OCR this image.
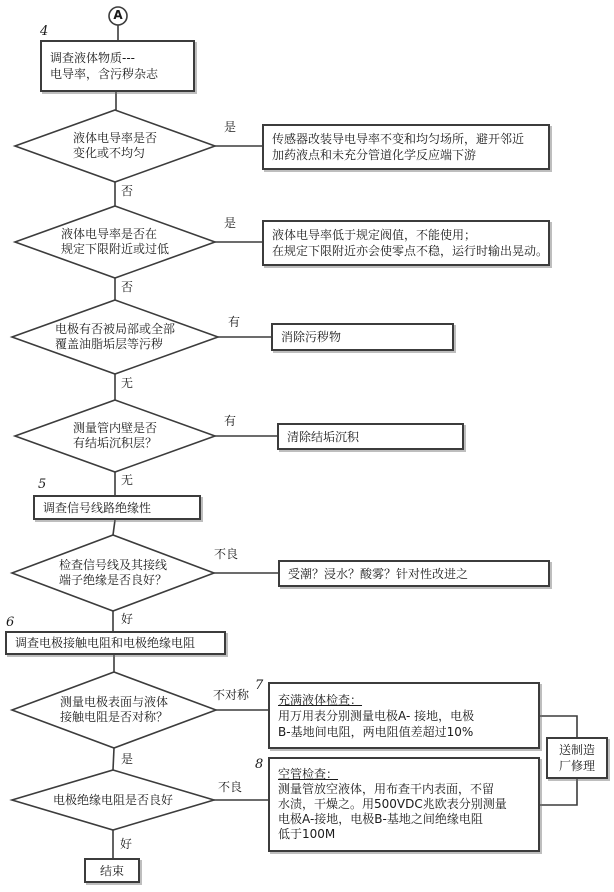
A
4
调查液体物质---
电导率，含污秽杂志
液体电导率是否
变化或不均匀
是
否
传感器改装导电导率不变和均匀场所，避开邻近
加药液点和未充分管道化学反应端下游
液体电导率是否在
规定下限附近或过低
是
否
液体电导率低于规定阀值，不能使用；
在规定下限附近亦会使零点不稳，运行时输出晃动。
电极有否被局部或全部
覆盖油脂垢层等污秽
有
无
消除污秽物
测量管内壁是否
有结垢沉积层？
有
无
清除结垢沉积
5
调查信号线路绝缘性
检查信号线及其接线
端子绝缘是否良好？
不良
好
受潮？浸水？酸雾？针对性改进之
6
调查电极接触电阻和电极绝缘电阻
测量电极表面与液体
接触电阻是否对称？
不对称
是
7
充满液体检查：
用万用表分别测量电极A- 接地，电极
B-基地间电阻，两电阻值差超过10%
电极绝缘电阻是否良好
不良
好
8
空管检查：
测量管放空液体，用布查干内表面，不留
水渍，干燥之。用500VDC兆欧表分别测量
电极A-接地，电极B-基地之间绝缘电阻
低于100M
送制造
厂修理
结束
